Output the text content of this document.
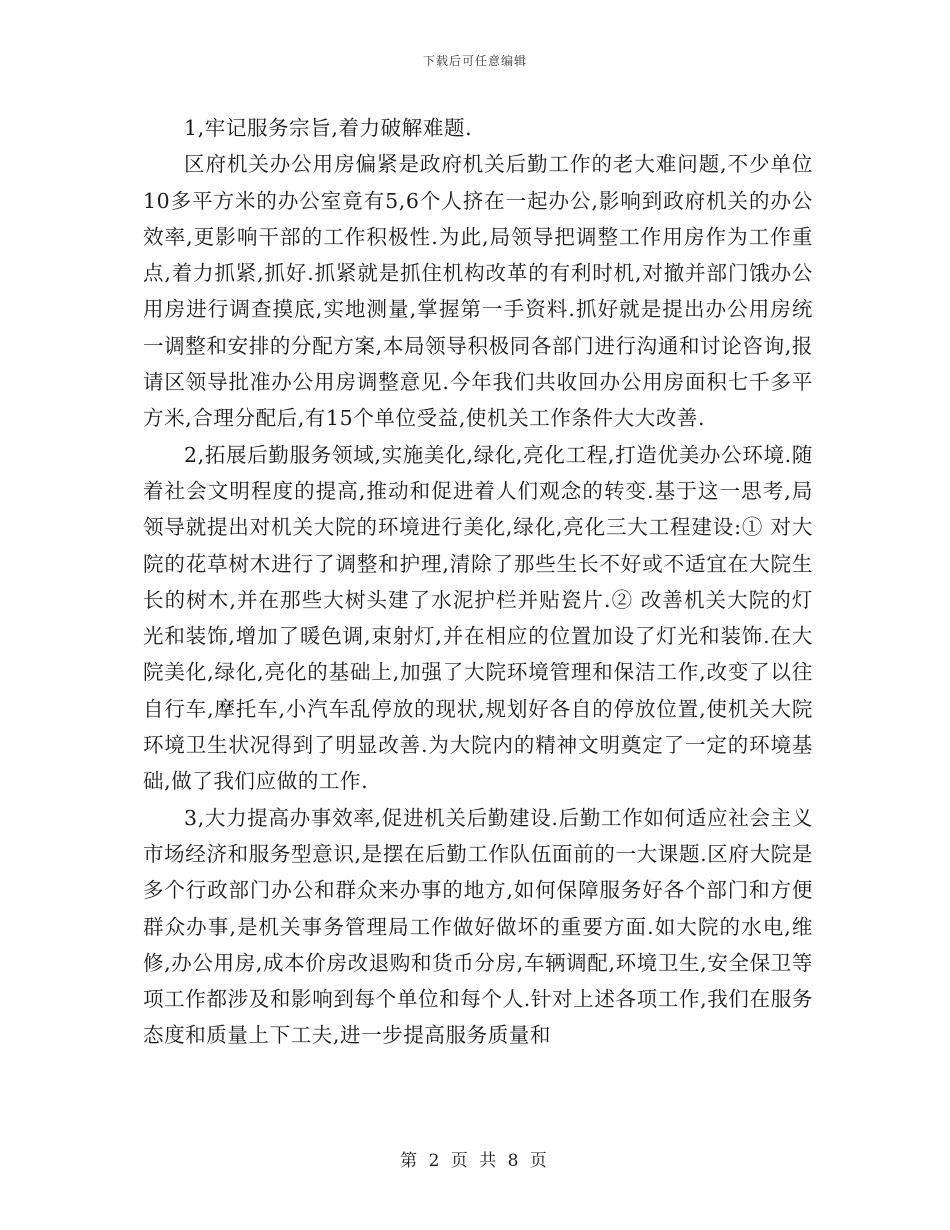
下载后可任意编辑

1,牢记服务宗旨,着力破解难题.

区府机关办公用房偏紧是政府机关后勤工作的老大难问题,不少单位10多平方米的办公室竟有5,6个人挤在一起办公,影响到政府机关的办公效率,更影响干部的工作积极性.为此,局领导把调整工作用房作为工作重点,着力抓紧,抓好.抓紧就是抓住机构改革的有利时机,对撤并部门饿办公用房进行调查摸底,实地测量,掌握第一手资料.抓好就是提出办公用房统一调整和安排的分配方案,本局领导积极同各部门进行沟通和讨论咨询,报请区领导批准办公用房调整意见.今年我们共收回办公用房面积七千多平方米,合理分配后,有15个单位受益,使机关工作条件大大改善.

2,拓展后勤服务领域,实施美化,绿化,亮化工程,打造优美办公环境.随着社会文明程度的提高,推动和促进着人们观念的转变.基于这一思考,局领导就提出对机关大院的环境进行美化,绿化,亮化三大工程建设:① 对大院的花草树木进行了调整和护理,清除了那些生长不好或不适宜在大院生长的树木,并在那些大树头建了水泥护栏并贴瓷片.② 改善机关大院的灯光和装饰,增加了暖色调,束射灯,并在相应的位置加设了灯光和装饰.在大院美化,绿化,亮化的基础上,加强了大院环境管理和保洁工作,改变了以往自行车,摩托车,小汽车乱停放的现状,规划好各自的停放位置,使机关大院环境卫生状况得到了明显改善.为大院内的精神文明奠定了一定的环境基础,做了我们应做的工作.

3,大力提高办事效率,促进机关后勤建设.后勤工作如何适应社会主义市场经济和服务型意识,是摆在后勤工作队伍面前的一大课题.区府大院是多个行政部门办公和群众来办事的地方,如何保障服务好各个部门和方便群众办事,是机关事务管理局工作做好做坏的重要方面.如大院的水电,维修,办公用房,成本价房改退购和货币分房,车辆调配,环境卫生,安全保卫等项工作都涉及和影响到每个单位和每个人.针对上述各项工作,我们在服务态度和质量上下工夫,进一步提高服务质量和

第 2 页 共 8 页
